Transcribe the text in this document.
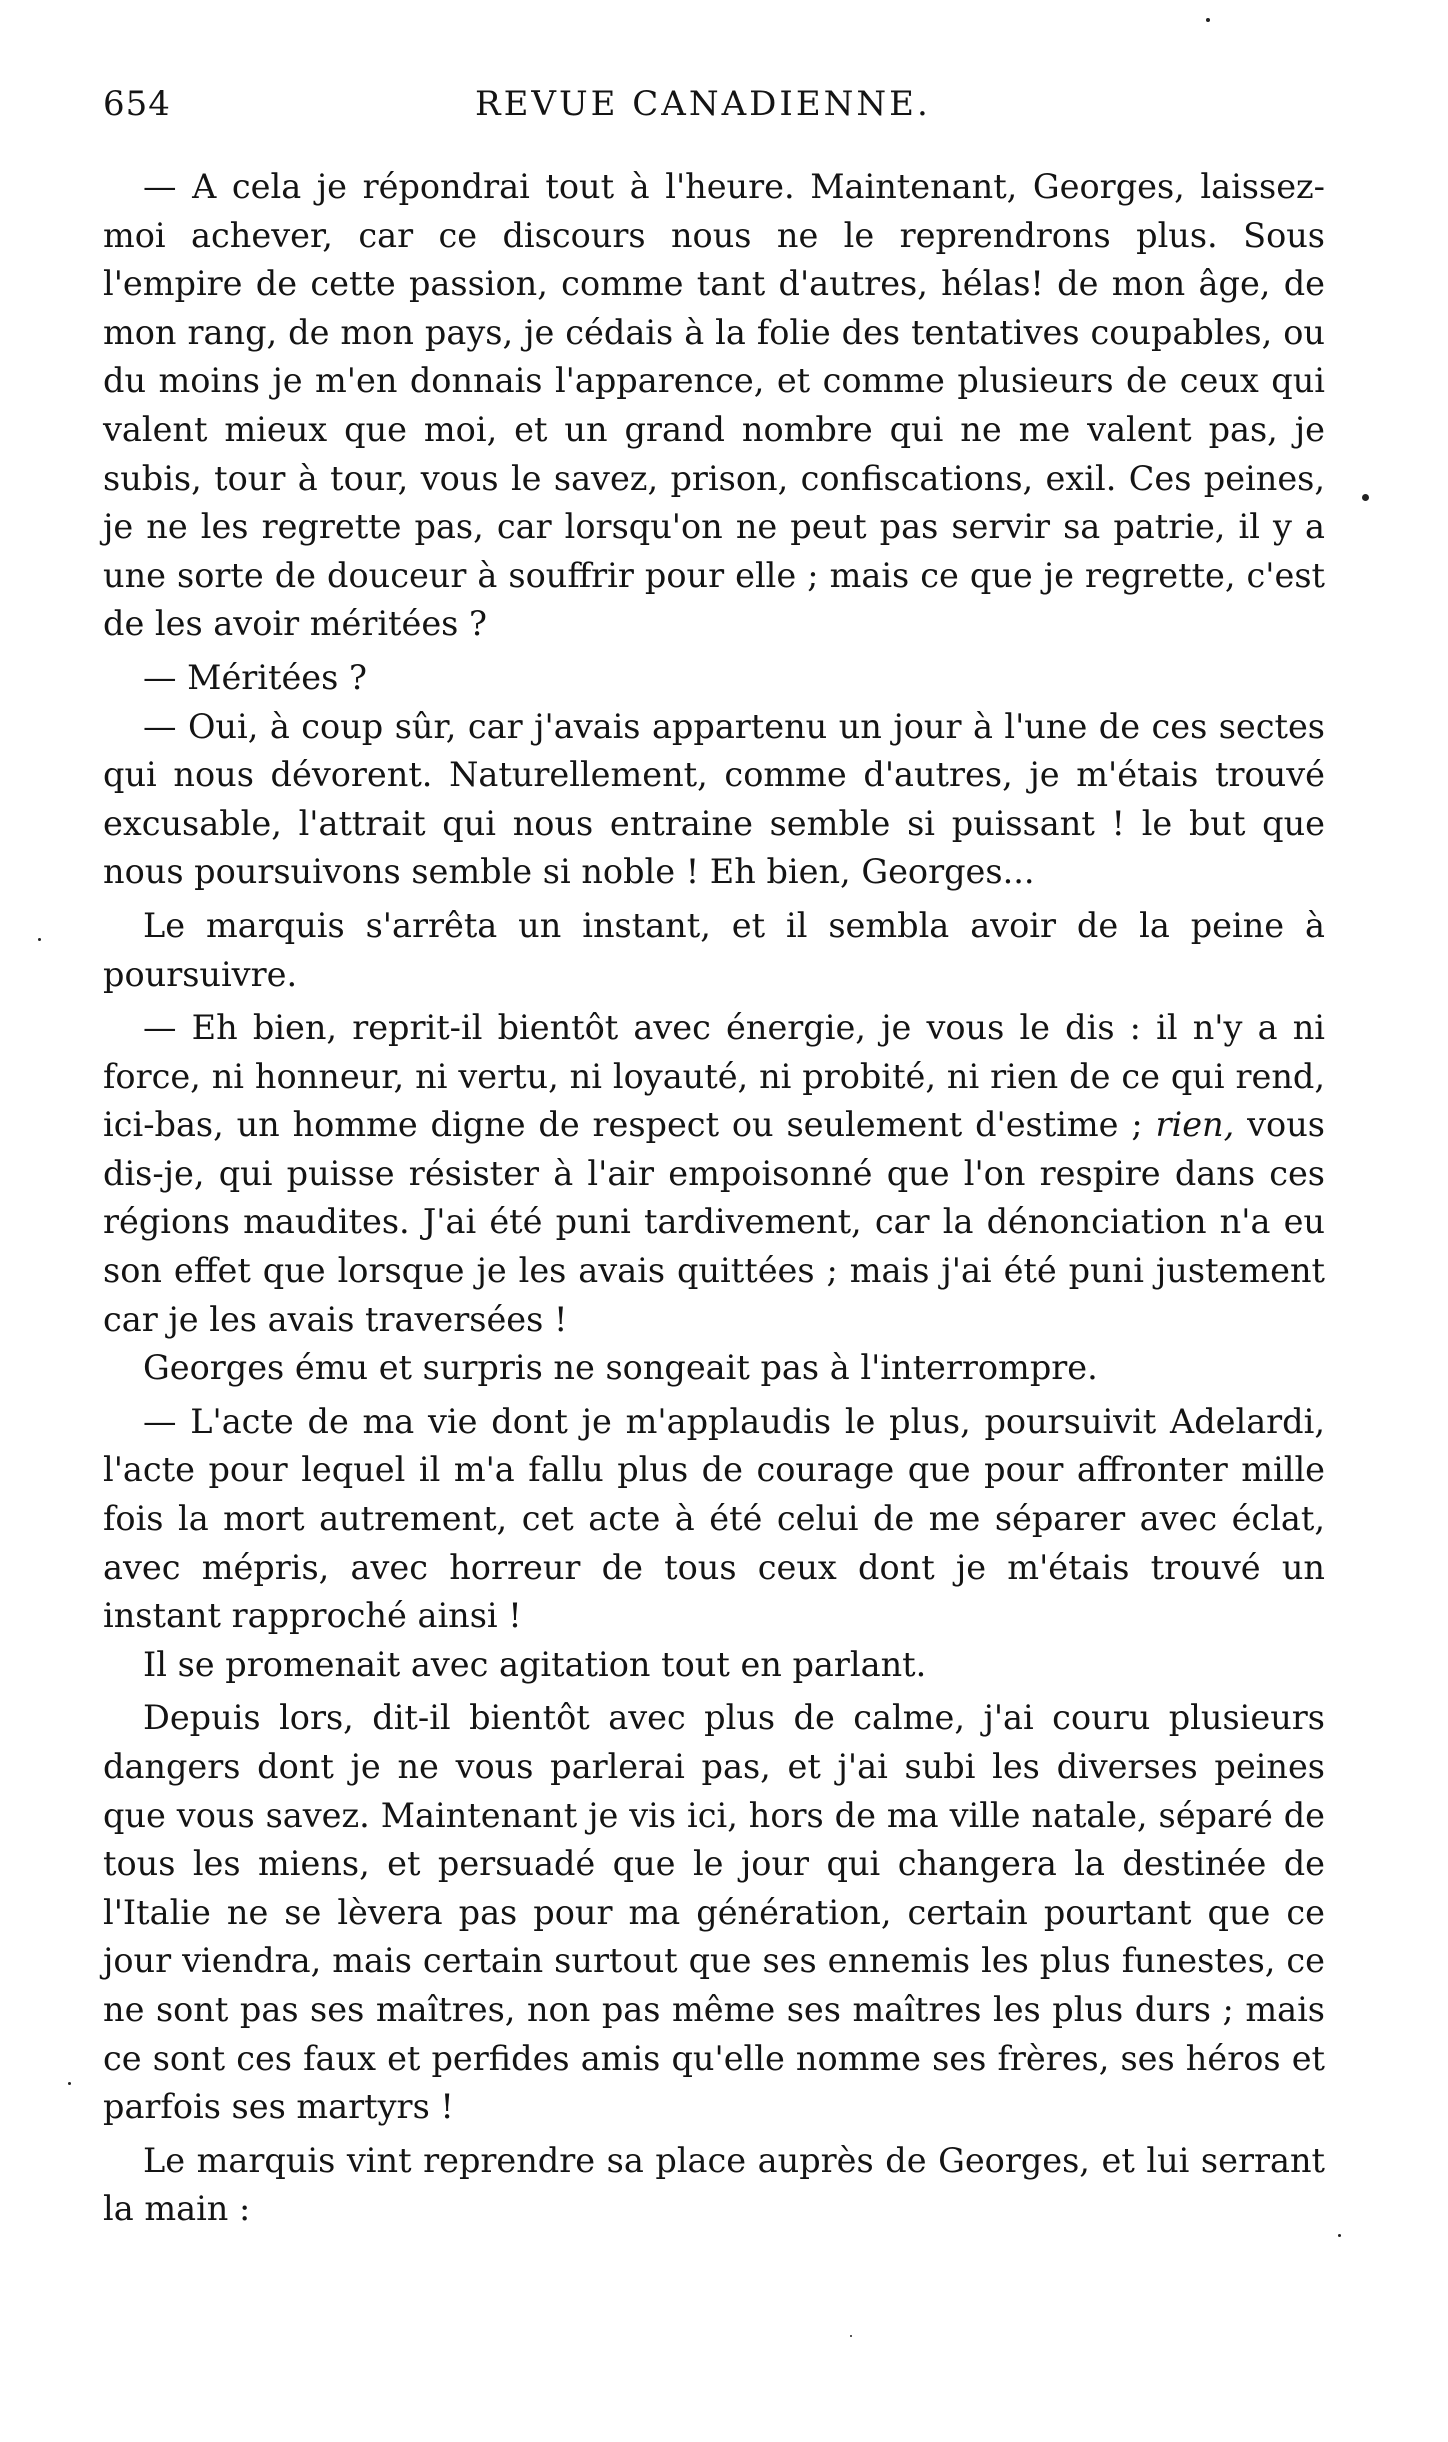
654	REVUE CANADIENNE.

— A cela je répondrai tout à l'heure. Maintenant, Georges, laissez-moi achever, car ce discours nous ne le reprendrons plus. Sous l'empire de cette passion, comme tant d'autres, hélas! de mon âge, de mon rang, de mon pays, je cédais à la folie des tentatives coupables, ou du moins je m'en donnais l'apparence, et comme plusieurs de ceux qui valent mieux que moi, et un grand nombre qui ne me valent pas, je subis, tour à tour, vous le savez, prison, confiscations, exil. Ces peines, je ne les regrette pas, car lorsqu'on ne peut pas servir sa patrie, il y a une sorte de douceur à souffrir pour elle ; mais ce que je regrette, c'est de les avoir méritées ?

— Méritées ?

— Oui, à coup sûr, car j'avais appartenu un jour à l'une de ces sectes qui nous dévorent. Naturellement, comme d'autres, je m'étais trouvé excusable, l'attrait qui nous entraine semble si puissant ! le but que nous poursuivons semble si noble ! Eh bien, Georges...

Le marquis s'arrêta un instant, et il sembla avoir de la peine à poursuivre.

— Eh bien, reprit-il bientôt avec énergie, je vous le dis : il n'y a ni force, ni honneur, ni vertu, ni loyauté, ni probité, ni rien de ce qui rend, ici-bas, un homme digne de respect ou seulement d'estime ; rien, vous dis-je, qui puisse résister à l'air empoisonné que l'on respire dans ces régions maudites. J'ai été puni tardivement, car la dénonciation n'a eu son effet que lorsque je les avais quittées ; mais j'ai été puni justement car je les avais traversées !

Georges ému et surpris ne songeait pas à l'interrompre.

— L'acte de ma vie dont je m'applaudis le plus, poursuivit Adelardi, l'acte pour lequel il m'a fallu plus de courage que pour affronter mille fois la mort autrement, cet acte à été celui de me séparer avec éclat, avec mépris, avec horreur de tous ceux dont je m'étais trouvé un instant rapproché ainsi !

Il se promenait avec agitation tout en parlant.

Depuis lors, dit-il bientôt avec plus de calme, j'ai couru plusieurs dangers dont je ne vous parlerai pas, et j'ai subi les diverses peines que vous savez. Maintenant je vis ici, hors de ma ville natale, séparé de tous les miens, et persuadé que le jour qui changera la destinée de l'Italie ne se lèvera pas pour ma génération, certain pourtant que ce jour viendra, mais certain surtout que ses ennemis les plus funestes, ce ne sont pas ses maîtres, non pas même ses maîtres les plus durs ; mais ce sont ces faux et perfides amis qu'elle nomme ses frères, ses héros et parfois ses martyrs !

Le marquis vint reprendre sa place auprès de Georges, et lui serrant la main :
